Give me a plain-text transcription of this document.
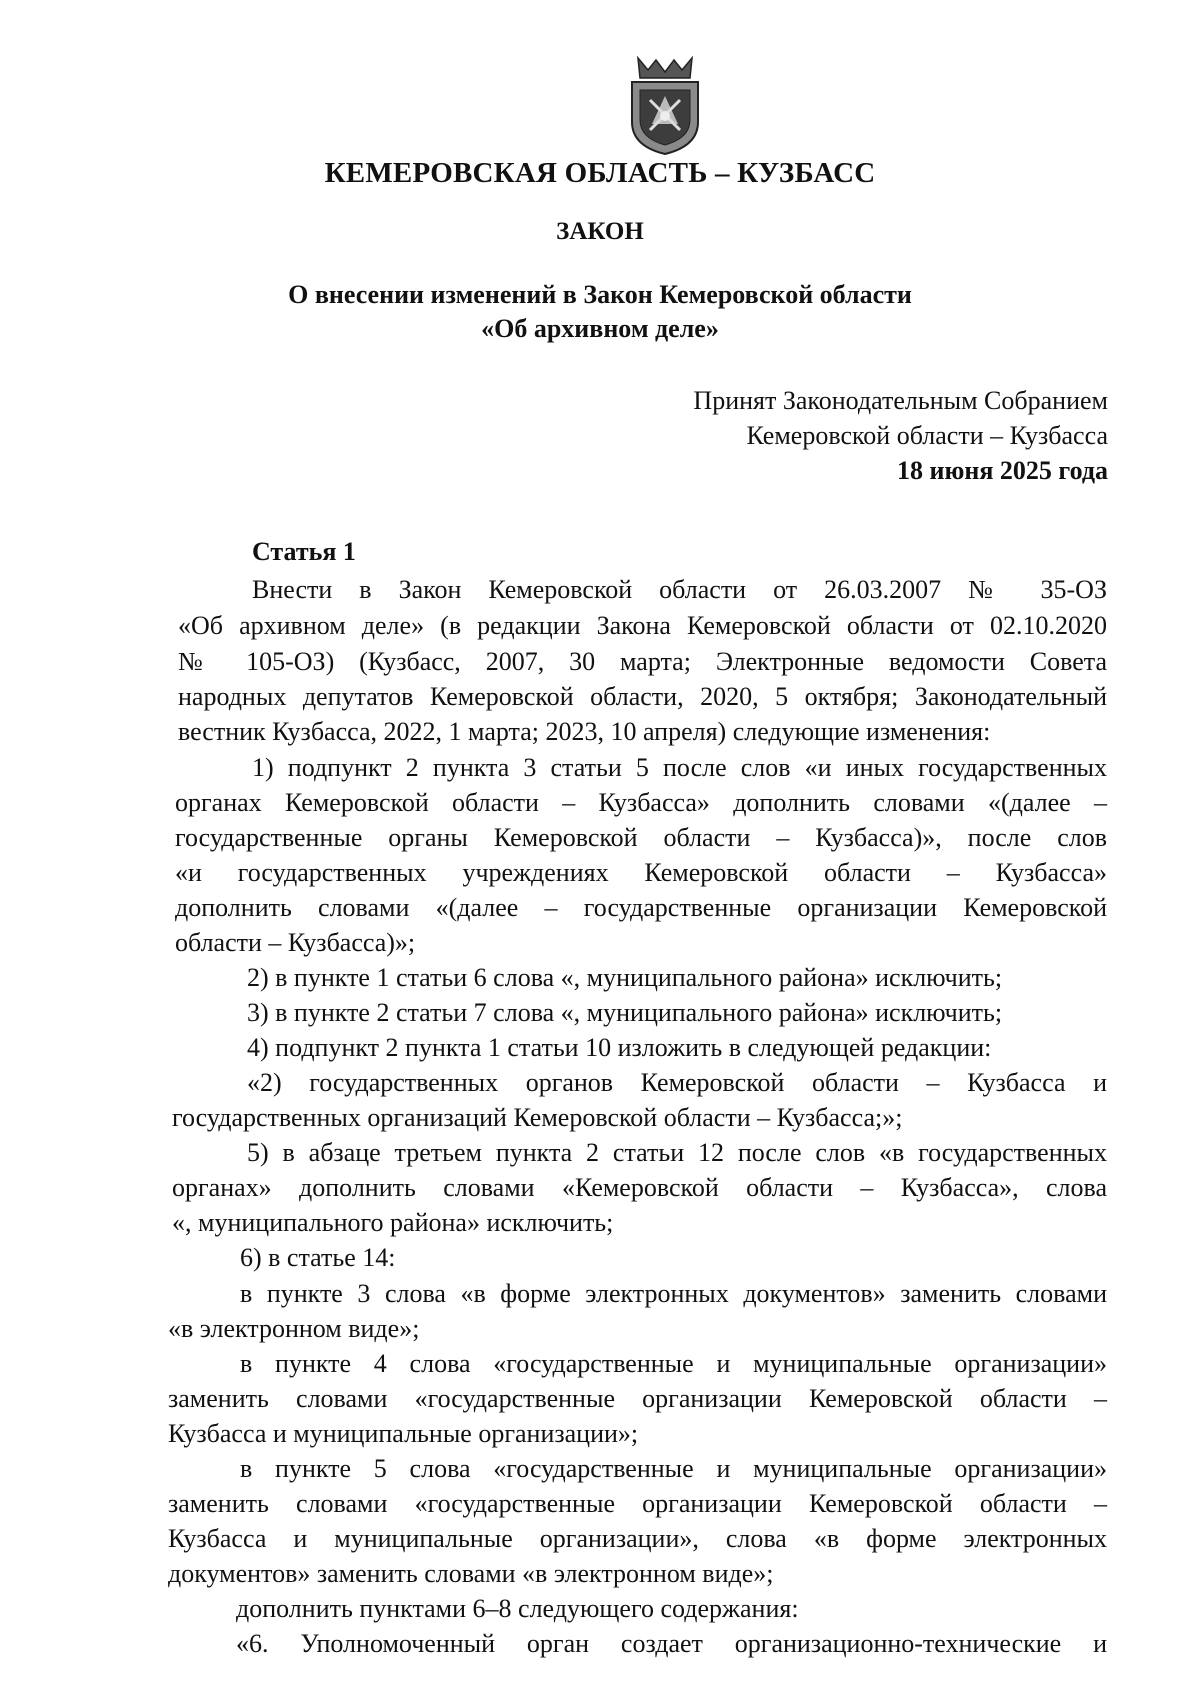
КЕМЕРОВСКАЯ ОБЛАСТЬ – КУЗБАСС
ЗАКОН
О внесении изменений в Закон Кемеровской области
«Об архивном деле»
Принят Законодательным Собранием
Кемеровской области – Кузбасса
18 июня 2025 года
Статья 1
Внести в Закон Кемеровской области от 26.03.2007 № 35-ОЗ
«Об архивном деле» (в редакции Закона Кемеровской области от 02.10.2020
№ 105-ОЗ) (Кузбасс, 2007, 30 марта; Электронные ведомости Совета
народных депутатов Кемеровской области, 2020, 5 октября; Законодательный
вестник Кузбасса, 2022, 1 марта; 2023, 10 апреля) следующие изменения:
1) подпункт 2 пункта 3 статьи 5 после слов «и иных государственных
органах Кемеровской области – Кузбасса» дополнить словами «(далее –
государственные органы Кемеровской области – Кузбасса)», после слов
«и государственных учреждениях Кемеровской области – Кузбасса»
дополнить словами «(далее – государственные организации Кемеровской
области – Кузбасса)»;
2) в пункте 1 статьи 6 слова «, муниципального района» исключить;
3) в пункте 2 статьи 7 слова «, муниципального района» исключить;
4) подпункт 2 пункта 1 статьи 10 изложить в следующей редакции:
«2) государственных органов Кемеровской области – Кузбасса и
государственных организаций Кемеровской области – Кузбасса;»;
5) в абзаце третьем пункта 2 статьи 12 после слов «в государственных
органах» дополнить словами «Кемеровской области – Кузбасса», слова
«, муниципального района» исключить;
6) в статье 14:
в пункте 3 слова «в форме электронных документов» заменить словами
«в электронном виде»;
в пункте 4 слова «государственные и муниципальные организации»
заменить словами «государственные организации Кемеровской области –
Кузбасса и муниципальные организации»;
в пункте 5 слова «государственные и муниципальные организации»
заменить словами «государственные организации Кемеровской области –
Кузбасса и муниципальные организации», слова «в форме электронных
документов» заменить словами «в электронном виде»;
дополнить пунктами 6–8 следующего содержания:
«6. Уполномоченный орган создает организационно-технические и
